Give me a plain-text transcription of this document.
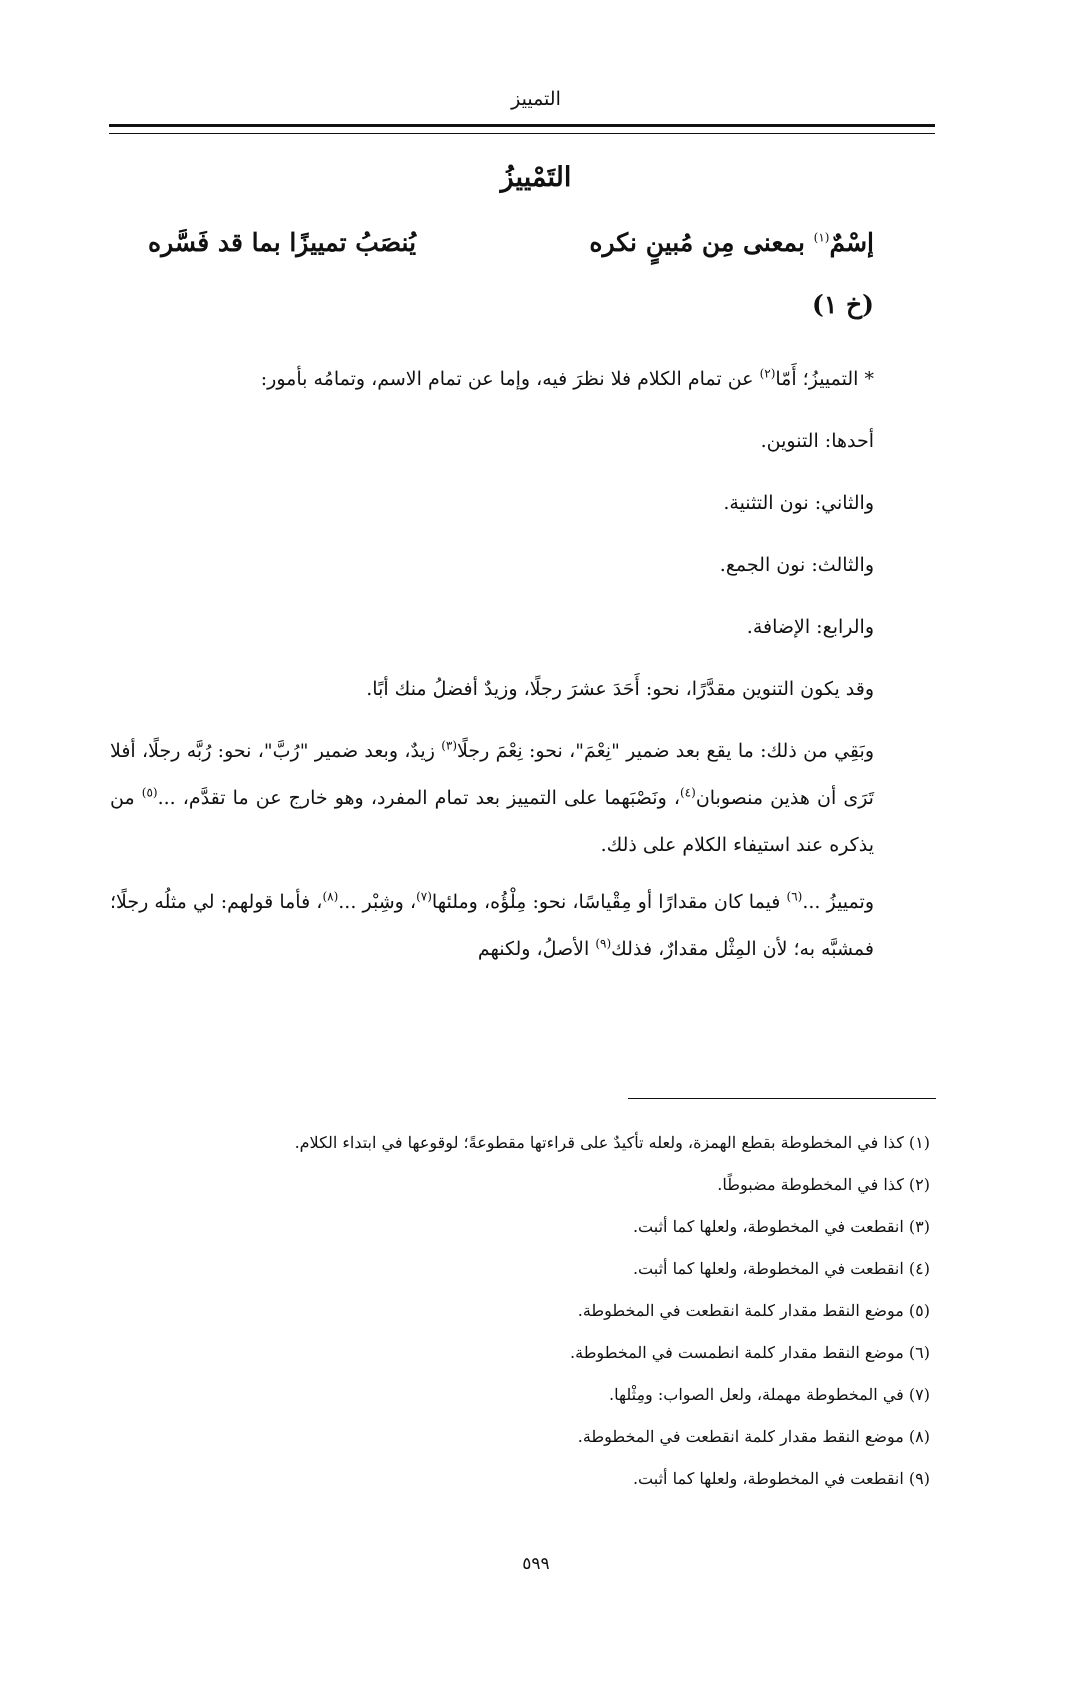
التمييز
التَمْييزُ
إسْمٌ$^{(١)}$ بمعنى مِن مُبينٍ نكره
يُنصَبُ تمييزًا بما قد فَسَّره
(خ ١)

* التمييزُ؛ أَمّا$^{(٢)}$ عن تمام الكلام فلا نظرَ فيه، وإما عن تمام الاسم، وتمامُه بأمور:

أحدها: التنوين.

والثاني: نون التثنية.

والثالث: نون الجمع.

والرابع: الإضافة.

وقد يكون التنوين مقدَّرًا، نحو: أَحَدَ عشرَ رجلًا، وزيدٌ أفضلُ منك أبًا.

وبَقِي من ذلك: ما يقع بعد ضمير "نِعْمَ"، نحو: نِعْمَ رجلًا$^{(٣)}$ زيدٌ، وبعد ضمير "رُبَّ"، نحو: رُبَّه رجلًا، أفلا تَرَى أن هذين منصوبان$^{(٤)}$، ونَصْبَهما على التمييز بعد تمام المفرد، وهو خارج عن ما تقدَّم، ...$^{(٥)}$ من يذكره عند استيفاء الكلام على ذلك.

وتمييزُ ...$^{(٦)}$ فيما كان مقدارًا أو مِقْياسًا، نحو: مِلْؤُه، وملئها$^{(٧)}$، وشِبْر ...$^{(٨)}$، فأما قولهم: لي مثلُه رجلًا؛ فمشبَّه به؛ لأن المِثْل مقدارٌ، فذلك$^{(٩)}$ الأصلُ، ولكنهم

(١) كذا في المخطوطة بقطع الهمزة، ولعله تأكيدٌ على قراءتها مقطوعةً؛ لوقوعها في ابتداء الكلام.

(٢) كذا في المخطوطة مضبوطًا.

(٣) انقطعت في المخطوطة، ولعلها كما أثبت.

(٤) انقطعت في المخطوطة، ولعلها كما أثبت.

(٥) موضع النقط مقدار كلمة انقطعت في المخطوطة.

(٦) موضع النقط مقدار كلمة انطمست في المخطوطة.

(٧) في المخطوطة مهملة، ولعل الصواب: ومِثْلها.

(٨) موضع النقط مقدار كلمة انقطعت في المخطوطة.

(٩) انقطعت في المخطوطة، ولعلها كما أثبت.

٥٩٩
